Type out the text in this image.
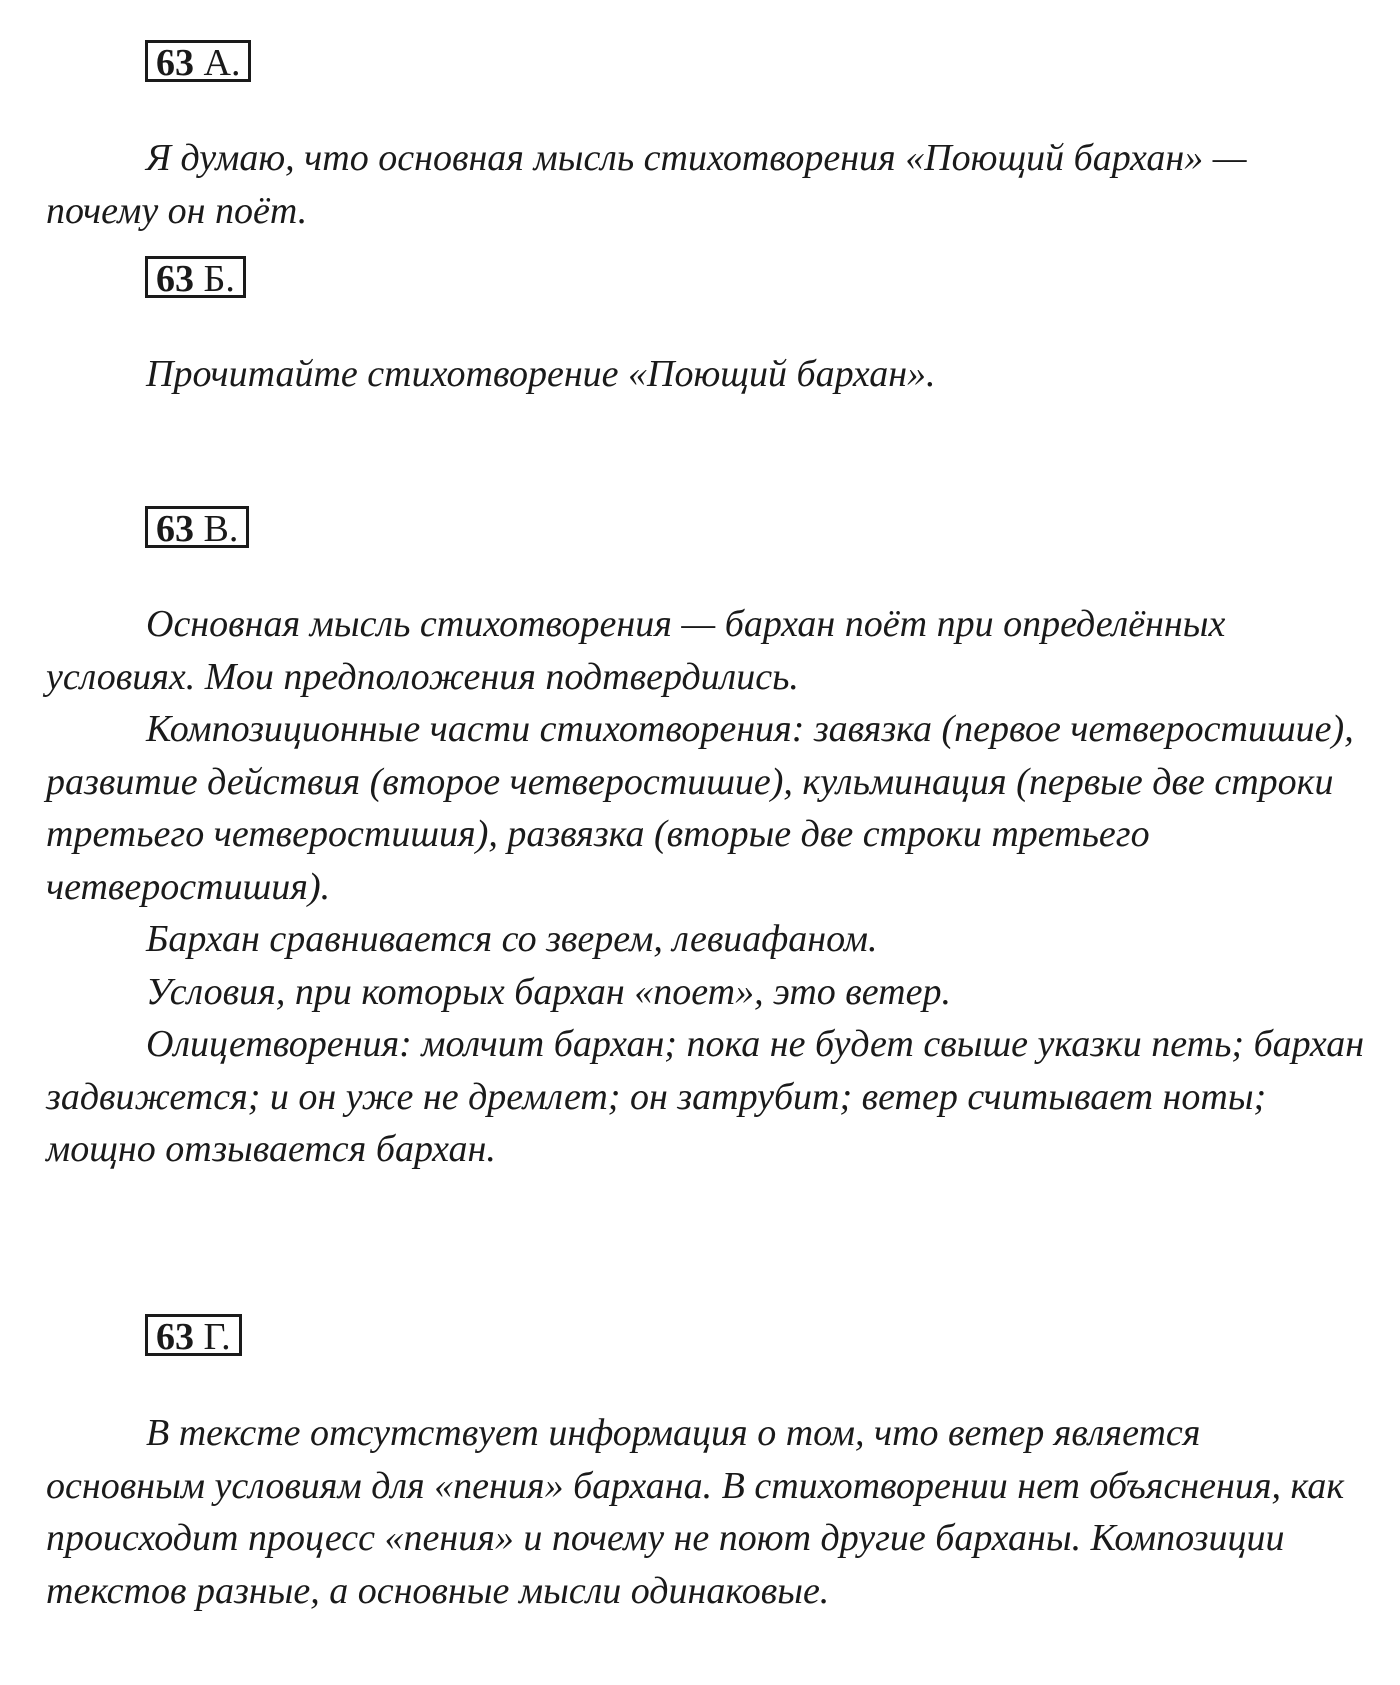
63 А.

Я думаю, что основная мысль стихотворения «Поющий бархан» — почему он поёт.

63 Б.

Прочитайте стихотворение «Поющий бархан».

63 В.

Основная мысль стихотворения — бархан поёт при определённых условиях. Мои предположения подтвердились.

Композиционные части стихотворения: завязка (первое четверостишие), развитие действия (второе четверостишие), кульминация (первые две строки третьего четверостишия), развязка (вторые две строки третьего четверостишия).

Бархан сравнивается со зверем, левиафаном.

Условия, при которых бархан «поет», это ветер.

Олицетворения: молчит бархан; пока не будет свыше указки петь; бархан задвижется; и он уже не дремлет; он затрубит; ветер считывает ноты; мощно отзывается бархан.

63 Г.

В тексте отсутствует информация о том, что ветер является основным условиям для «пения» бархана. В стихотворении нет объяснения, как происходит процесс «пения» и почему не поют другие барханы. Композиции текстов разные, а основные мысли одинаковые.
